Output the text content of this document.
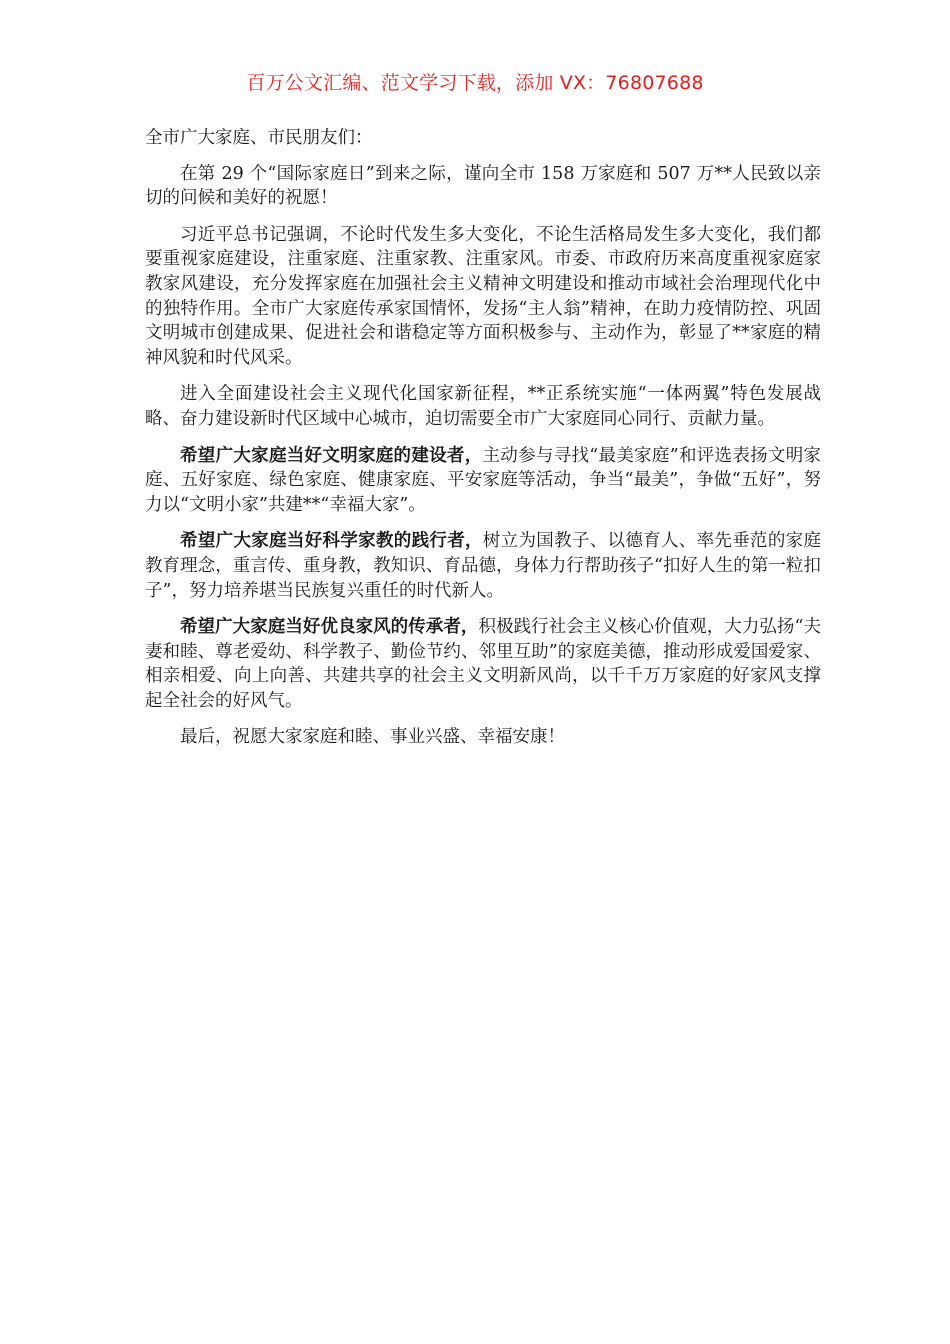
百万公文汇编、范文学习下载，添加 VX：76807688

全市广大家庭、市民朋友们：

在第 29 个“国际家庭日”到来之际，谨向全市 158 万家庭和 507 万**人民致以亲切的问候和美好的祝愿！

习近平总书记强调，不论时代发生多大变化，不论生活格局发生多大变化，我们都要重视家庭建设，注重家庭、注重家教、注重家风。市委、市政府历来高度重视家庭家教家风建设，充分发挥家庭在加强社会主义精神文明建设和推动市域社会治理现代化中的独特作用。全市广大家庭传承家国情怀，发扬“主人翁”精神，在助力疫情防控、巩固文明城市创建成果、促进社会和谐稳定等方面积极参与、主动作为，彰显了**家庭的精神风貌和时代风采。

进入全面建设社会主义现代化国家新征程，**正系统实施“一体两翼”特色发展战略、奋力建设新时代区域中心城市，迫切需要全市广大家庭同心同行、贡献力量。

希望广大家庭当好文明家庭的建设者，主动参与寻找“最美家庭”和评选表扬文明家庭、五好家庭、绿色家庭、健康家庭、平安家庭等活动，争当“最美”，争做“五好”，努力以“文明小家”共建**“幸福大家”。

希望广大家庭当好科学家教的践行者，树立为国教子、以德育人、率先垂范的家庭教育理念，重言传、重身教，教知识、育品德，身体力行帮助孩子“扣好人生的第一粒扣子”，努力培养堪当民族复兴重任的时代新人。

希望广大家庭当好优良家风的传承者，积极践行社会主义核心价值观，大力弘扬“夫妻和睦、尊老爱幼、科学教子、勤俭节约、邻里互助”的家庭美德，推动形成爱国爱家、相亲相爱、向上向善、共建共享的社会主义文明新风尚，以千千万万家庭的好家风支撑起全社会的好风气。

最后，祝愿大家家庭和睦、事业兴盛、幸福安康！
